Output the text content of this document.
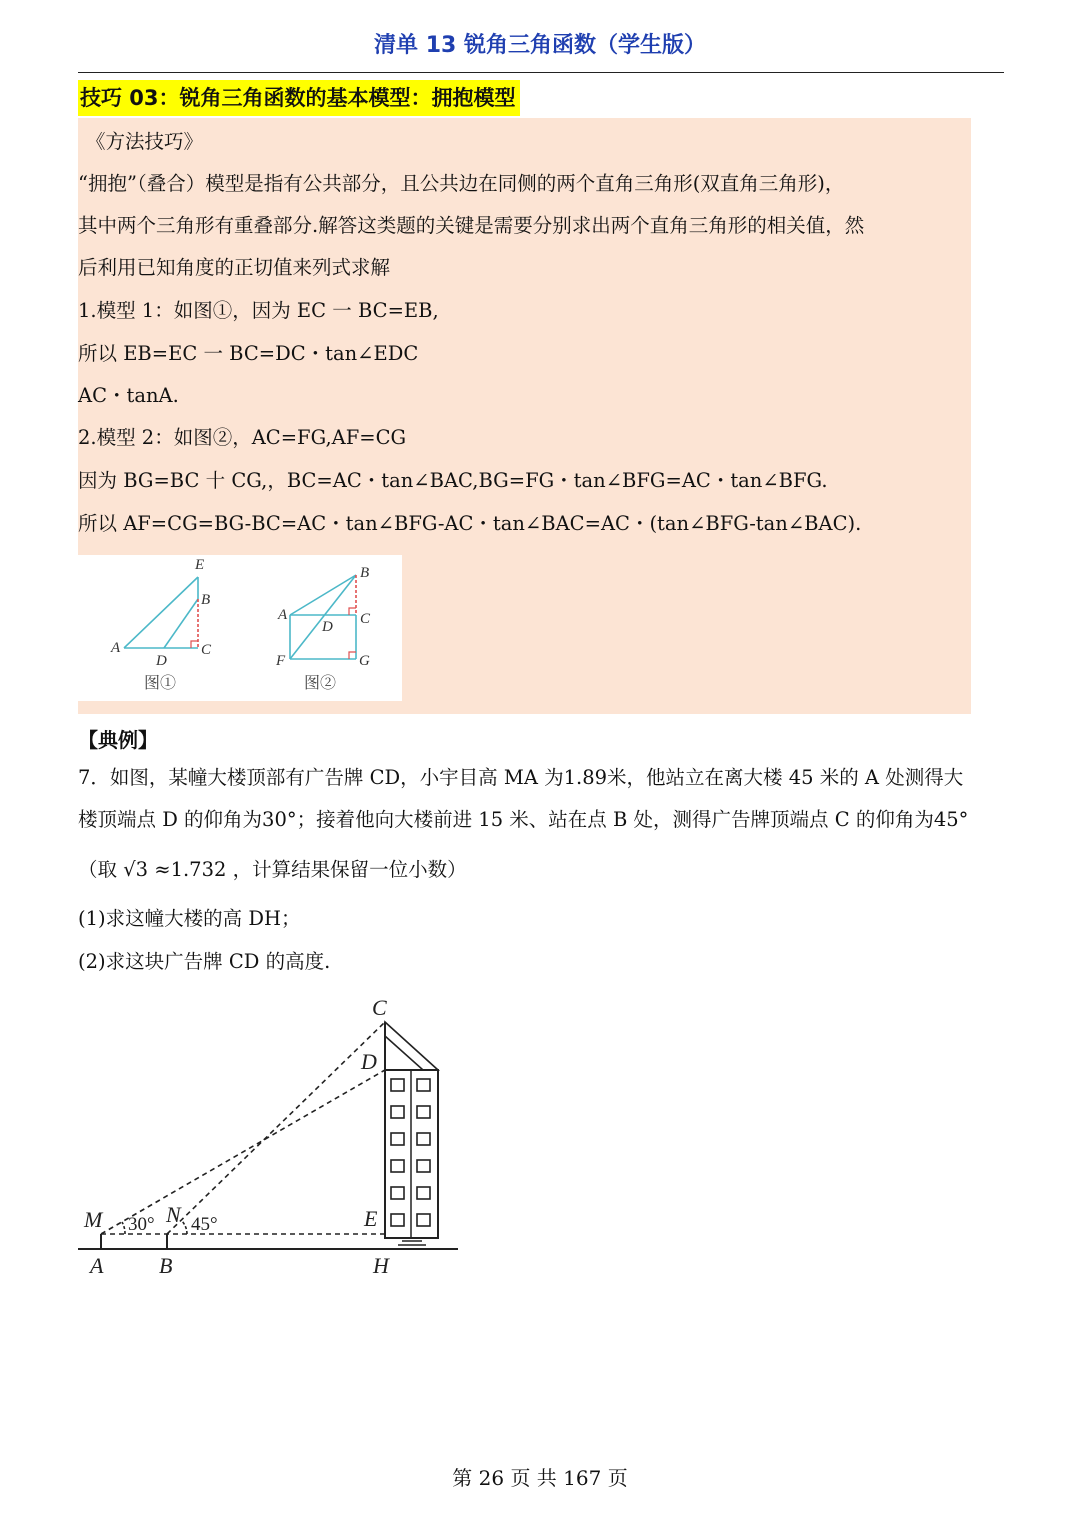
清单 13 锐角三角函数（学生版）
技巧 03：锐角三角函数的基本模型：拥抱模型
《方法技巧》
“拥抱”（叠合）模型是指有公共部分，且公共边在同侧的两个直角三角形(双直角三角形)，
其中两个三角形有重叠部分.解答这类题的关键是需要分别求出两个直角三角形的相关值，然
后利用已知角度的正切值来列式求解
1.模型 1：如图①，因为 EC 一 BC=EB,
所以 EB=EC 一 BC=DC・tan∠EDC
AC・tanA.
2.模型 2：如图②，AC=FG,AF=CG
因为 BG=BC 十 CG,，BC=AC・tan∠BAC,BG=FG・tan∠BFG=AC・tan∠BFG.
所以 AF=CG=BG-BC=AC・tan∠BFG-AC・tan∠BAC=AC・(tan∠BFG-tan∠BAC).
E
B
A
D
C
图①
B
A	C
D
F	G
图②
【典例】
7．如图，某幢大楼顶部有广告牌 CD，小宇目高 MA 为1.89米，他站立在离大楼 45 米的 A 处测得大
楼顶端点 D 的仰角为30°；接着他向大楼前进 15 米、站在点 B 处，测得广告牌顶端点 C 的仰角为45°
（取 √3 ≈1.732 ，计算结果保留一位小数）
(1)求这幢大楼的高 DH；
(2)求这块广告牌 CD 的高度.
C
D
M	N	E
A	B	H
30° 45°
第 26 页 共 167 页
